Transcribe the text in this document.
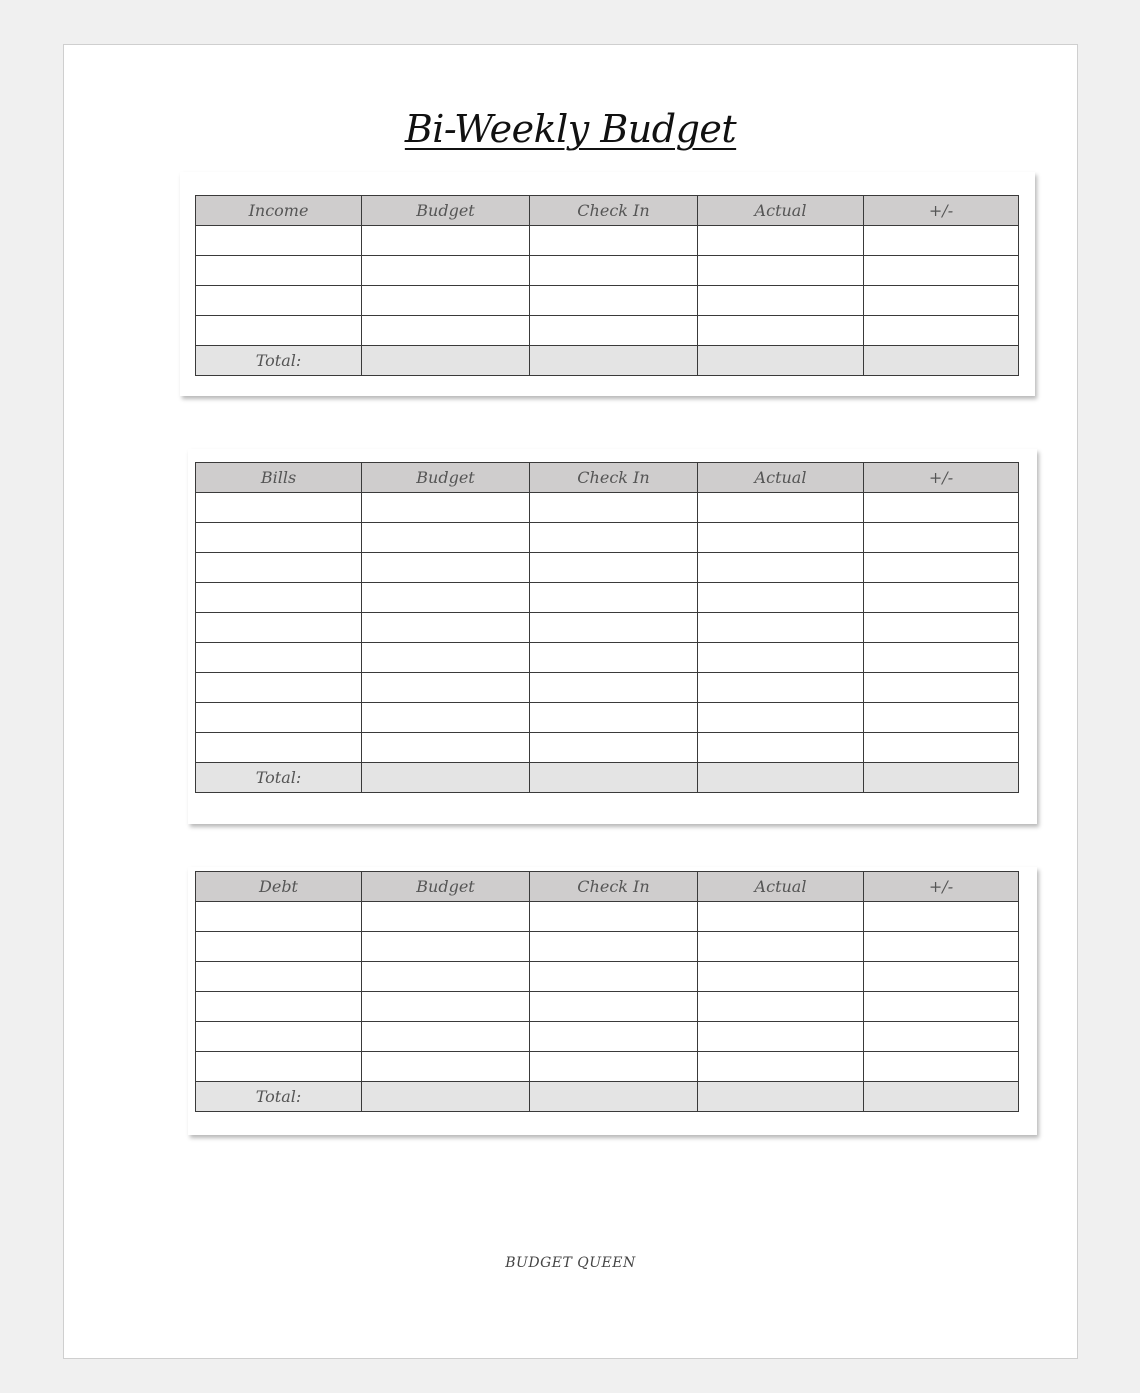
Bi-Weekly Budget
Income	Budget	Check In	Actual	+/-

Total:				
Bills	Budget	Check In	Actual	+/-

Total:				
Debt	Budget	Check In	Actual	+/-

Total:				
BUDGET QUEEN
